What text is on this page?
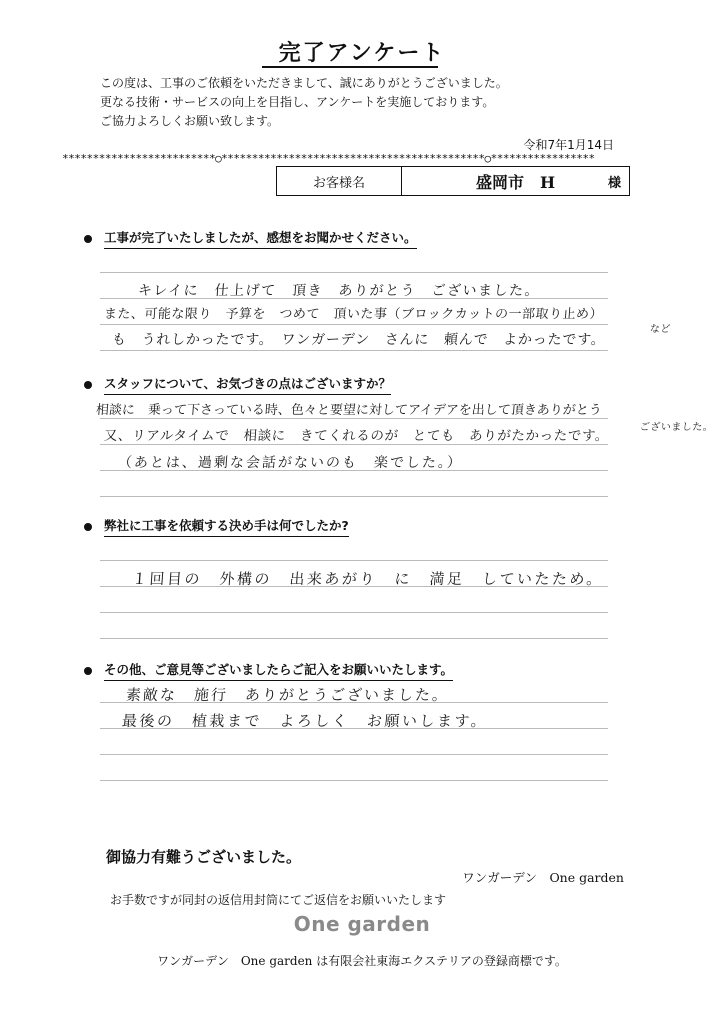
完了アンケート
この度は、工事のご依頼をいただきまして、誠にありがとうございました。
更なる技術・サービスの向上を目指し、アンケートを実施しております。
ご協力よろしくお願い致します。
令和7年1月14日
*************************○*******************************************○*****************
お客様名	盛岡市　H	様
工事が完了いたしましたが、感想をお聞かせください。
キレイに　仕上げて　頂き　ありがとう　ございました。
また、可能な限り　予算を　つめて　頂いた事（ブロックカットの一部取り止め）
など
も　うれしかったです。　ワンガーデン　さんに　頼んで　よかったです。
スタッフについて、お気づきの点はございますか？
相談に　乗って下さっている時、色々と要望に対してアイデアを出して頂きありがとう
ございました。
又、リアルタイムで　相談に　きてくれるのが　とても　ありがたかったです。
（あとは、過剰な会話がないのも　楽でした。）
弊社に工事を依頼する決め手は何でしたか?
１回目の　外構の　出来あがり　に　満足　していたため。
その他、ご意見等ございましたらご記入をお願いいたします。
素敵な　施行　ありがとうございました。
最後の　植栽まで　よろしく　お願いします。
御協力有難うございました。
ワンガーデン　One garden
お手数ですが同封の返信用封筒にてご返信をお願いいたします
One garden
ワンガーデン　One garden は有限会社東海エクステリアの登録商標です。
